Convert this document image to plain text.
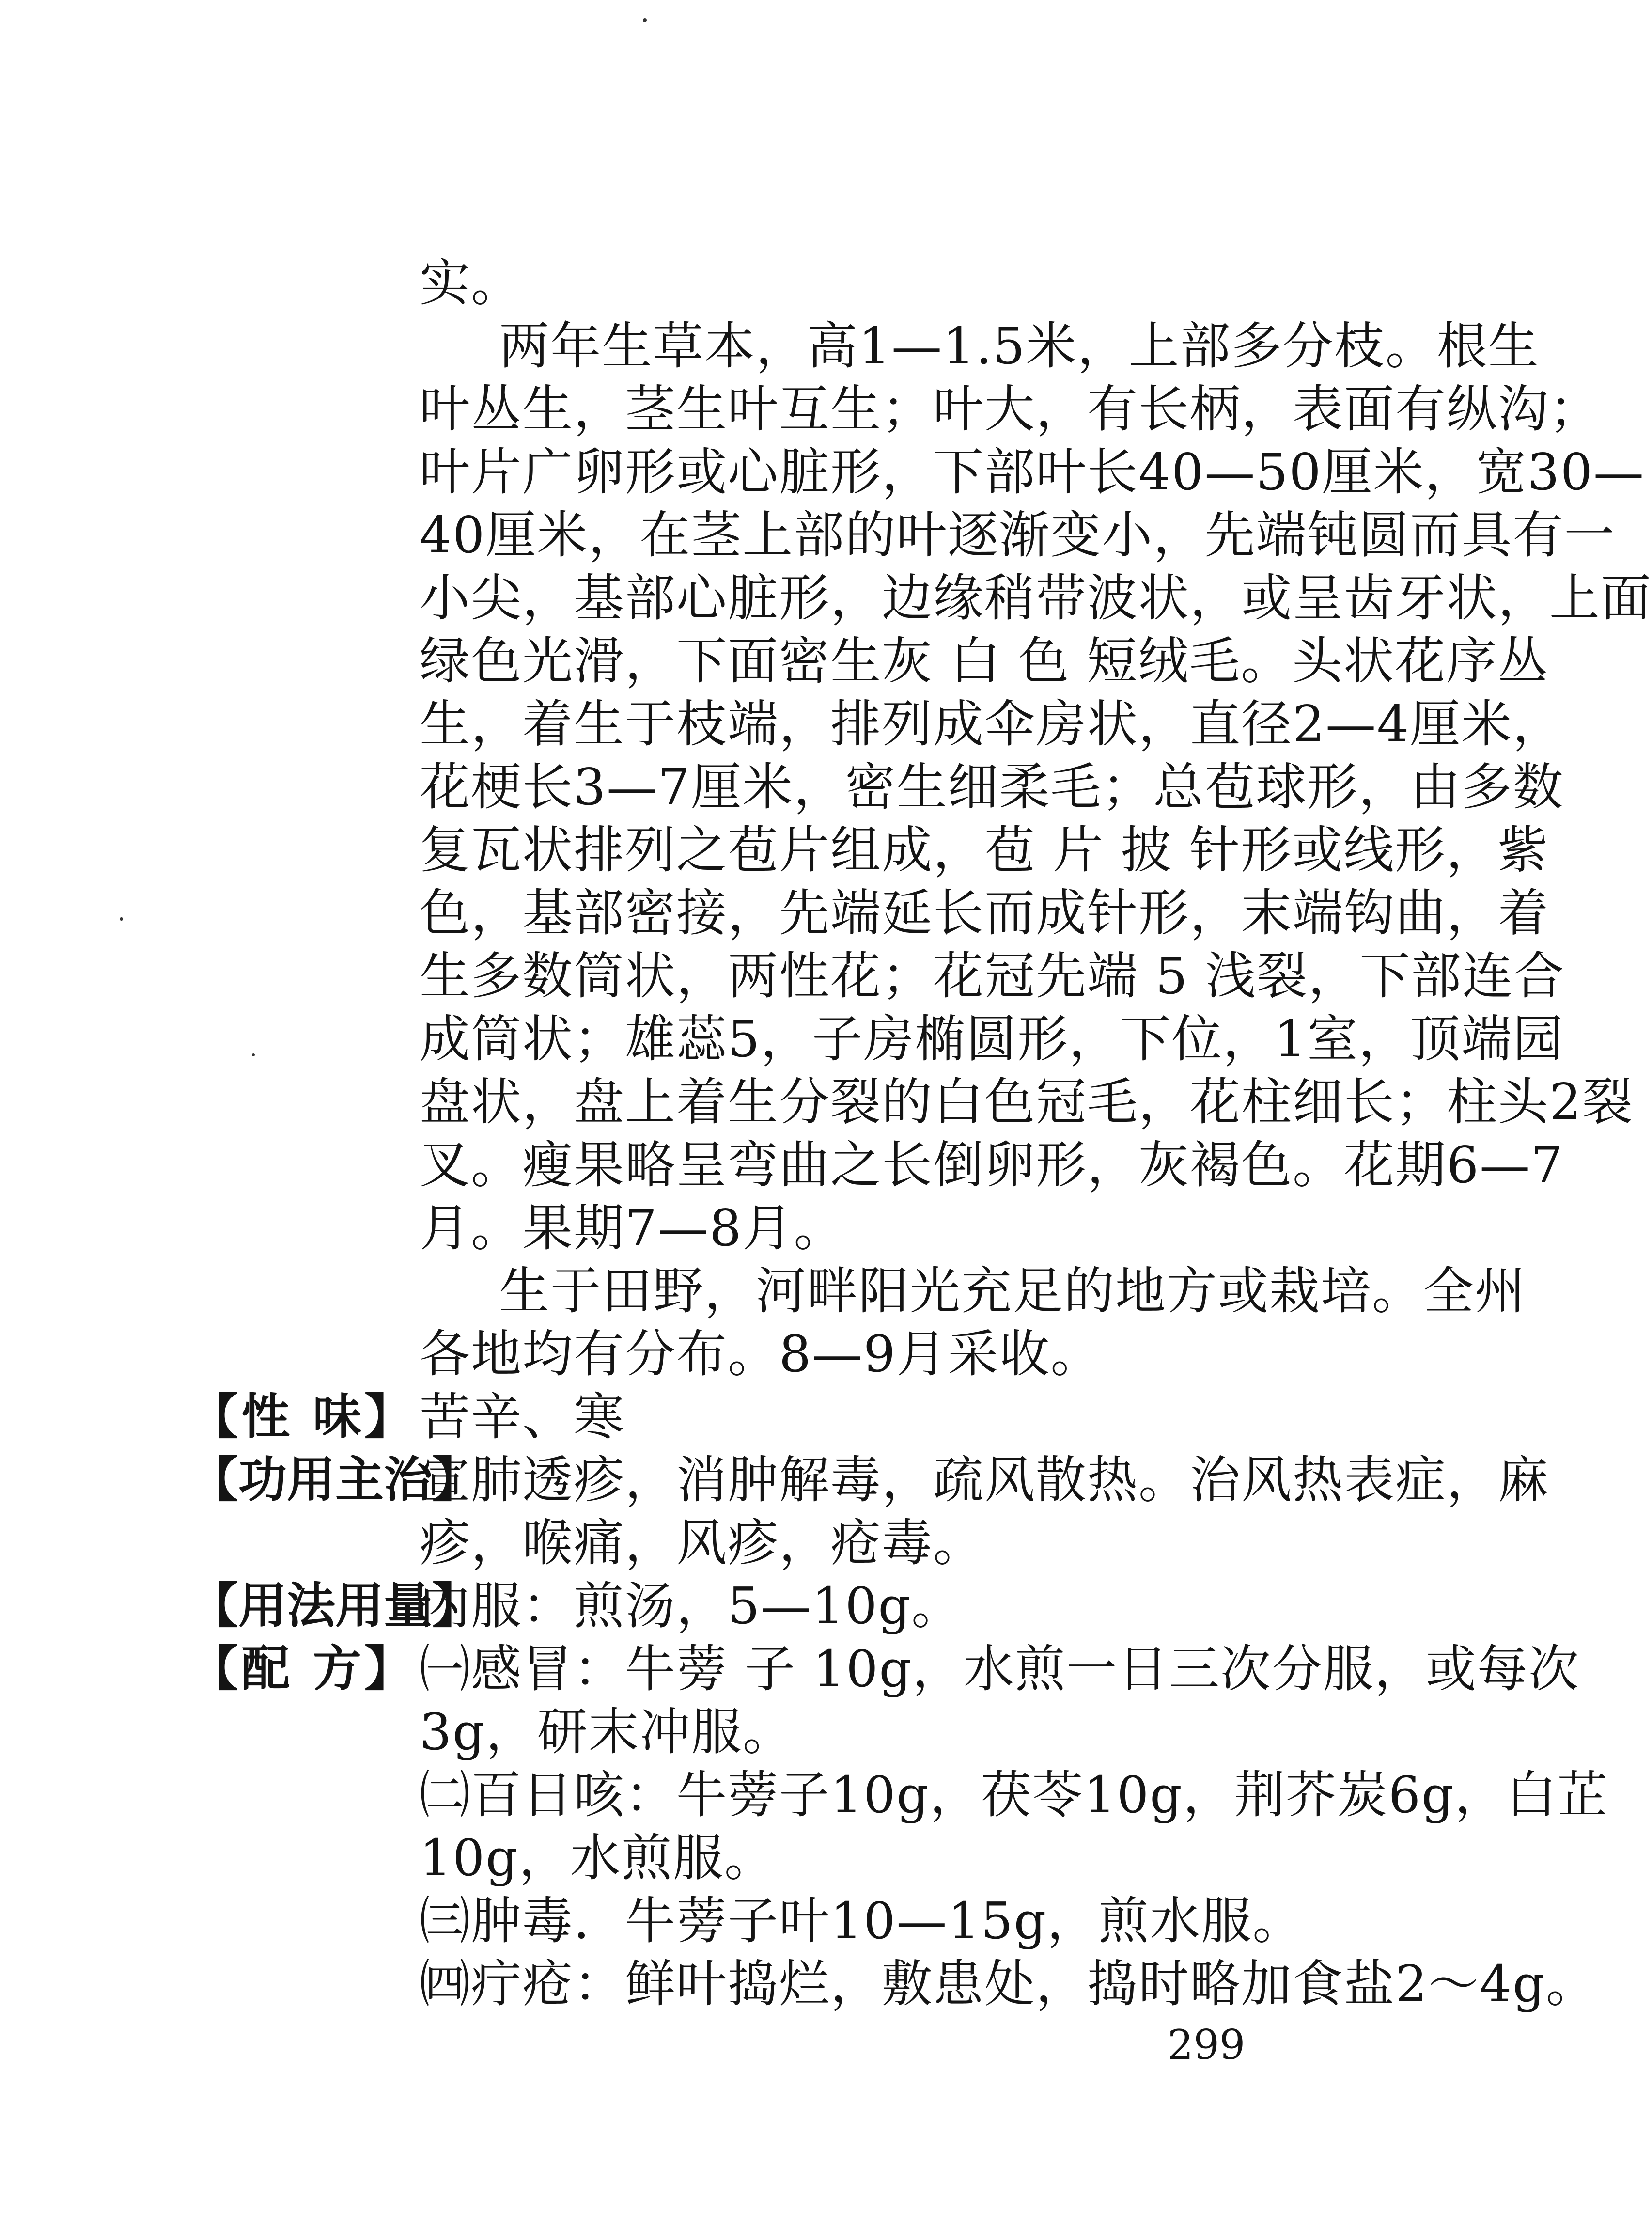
实。
两年生草本，高1—1.5米，上部多分枝。根生
叶丛生，茎生叶互生；叶大，有长柄，表面有纵沟；
叶片广卵形或心脏形，下部叶长40—50厘米，宽30—
40厘米，在茎上部的叶逐渐变小，先端钝圆而具有一
小尖，基部心脏形，边缘稍带波状，或呈齿牙状，上面
绿色光滑，下面密生灰 白 色 短绒毛。头状花序丛
生，着生于枝端，排列成伞房状，直径2—4厘米，
花梗长3—7厘米，密生细柔毛；总苞球形，由多数
复瓦状排列之苞片组成，苞 片 披 针形或线形，紫
色，基部密接，先端延长而成针形，末端钩曲，着
生多数筒状，两性花；花冠先端 5 浅裂，下部连合
成筒状；雄蕊5，子房椭圆形，下位，1室，顶端园
盘状，盘上着生分裂的白色冠毛，花柱细长；柱头2裂
叉。瘦果略呈弯曲之长倒卵形，灰褐色。花期6—7
月。果期7—8月。
生于田野，河畔阳光充足的地方或栽培。全州
各地均有分布。8—9月采收。
【性 味】 苦辛、寒
【功用主治】
宣肺透疹，消肿解毒，疏风散热。治风热表症，麻
疹，喉痛，风疹，疮毒。
【用法用量】
内服：煎汤，5—10g。
【配 方】 ㈠感冒：牛蒡 子 10g，水煎一日三次分服，或每次
3g，研末冲服。
㈡百日咳：牛蒡子10g，茯苓10g，荆芥炭6g，白芷
10g，水煎服。
㈢肿毒．牛蒡子叶10—15g，煎水服。
㈣疔疮：鲜叶捣烂，敷患处，捣时略加食盐2～4g。
299
